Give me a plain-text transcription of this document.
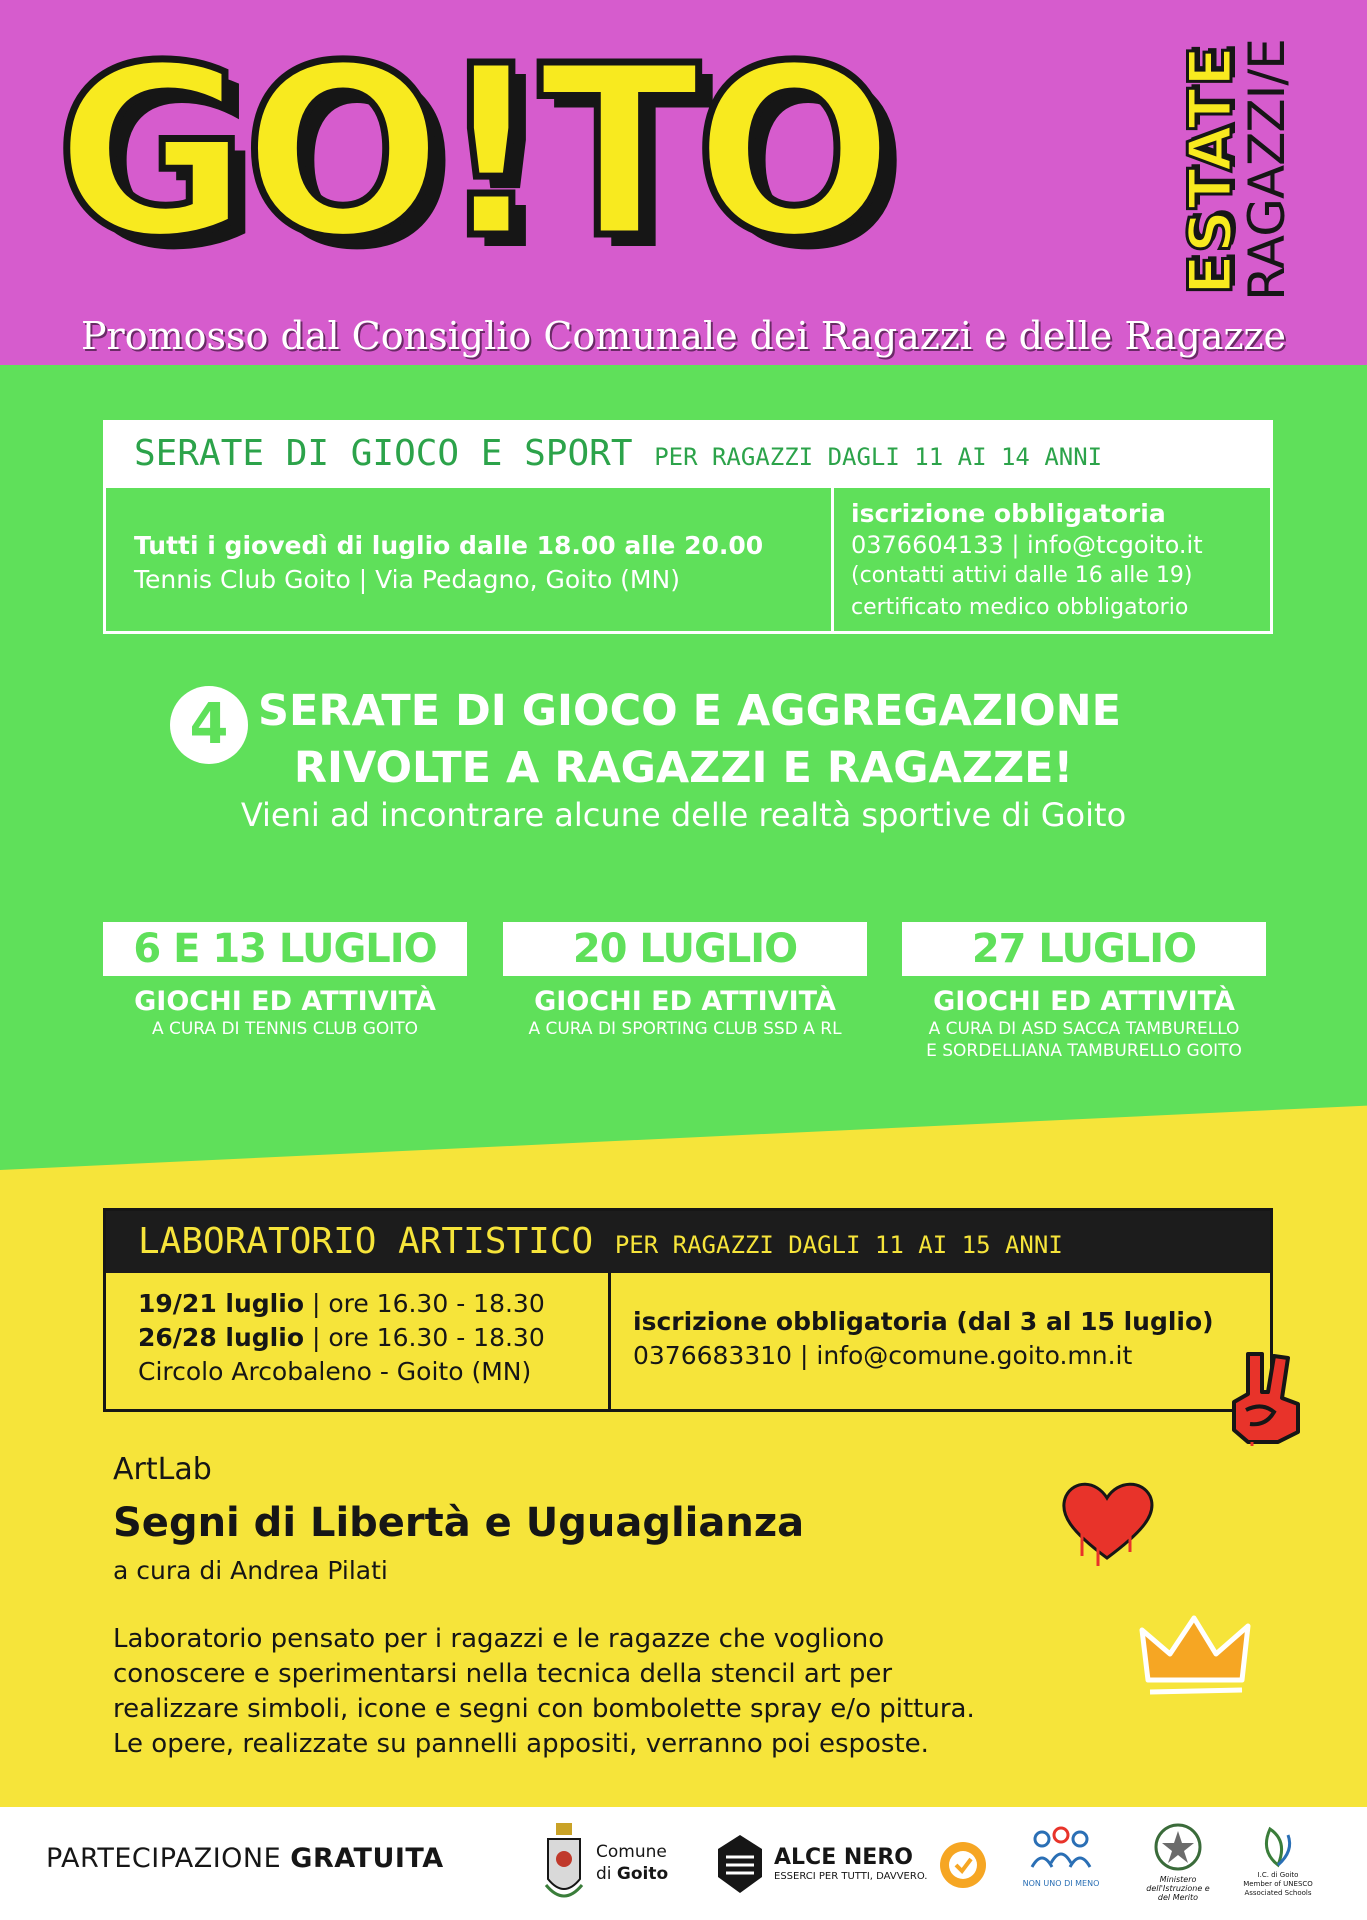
GO!TO	ESTATE
RAGAZZI/E
Promosso dal Consiglio Comunale dei Ragazzi e delle Ragazze
SERATE DI GIOCO E SPORT PER RAGAZZI DAGLI 11 AI 14 ANNI
Tutti i giovedì di luglio dalle 18.00 alle 20.00
Tennis Club Goito | Via Pedagno, Goito (MN)
iscrizione obbligatoria
0376604133 | info@tcgoito.it
(contatti attivi dalle 16 alle 19)
certificato medico obbligatorio
4 SERATE DI GIOCO E AGGREGAZIONE
RIVOLTE A RAGAZZI E RAGAZZE!
Vieni ad incontrare alcune delle realtà sportive di Goito
6 E 13 LUGLIO
GIOCHI ED ATTIVITÀ
A CURA DI TENNIS CLUB GOITO
20 LUGLIO
GIOCHI ED ATTIVITÀ
A CURA DI SPORTING CLUB SSD A RL
27 LUGLIO
GIOCHI ED ATTIVITÀ
A CURA DI ASD SACCA TAMBURELLO
E SORDELLIANA TAMBURELLO GOITO
LABORATORIO ARTISTICO PER RAGAZZI DAGLI 11 AI 15 ANNI
19/21 luglio | ore 16.30 - 18.30
26/28 luglio | ore 16.30 - 18.30
Circolo Arcobaleno - Goito (MN)
iscrizione obbligatoria (dal 3 al 15 luglio)
0376683310 | info@comune.goito.mn.it
ArtLab
Segni di Libertà e Uguaglianza
a cura di Andrea Pilati
Laboratorio pensato per i ragazzi e le ragazze che vogliono
conoscere e sperimentarsi nella tecnica della stencil art per
realizzare simboli, icone e segni con bombolette spray e/o pittura.
Le opere, realizzate su pannelli appositi, verranno poi esposte.
PARTECIPAZIONE GRATUITA	Comune
di Goito
ALCE NERO
ESSERCI PER TUTTI, DAVVERO.
NON UNO DI MENO	Ministero
dell'Istruzione e
del Merito
I.C. di Goito
Member of UNESCO
Associated Schools
